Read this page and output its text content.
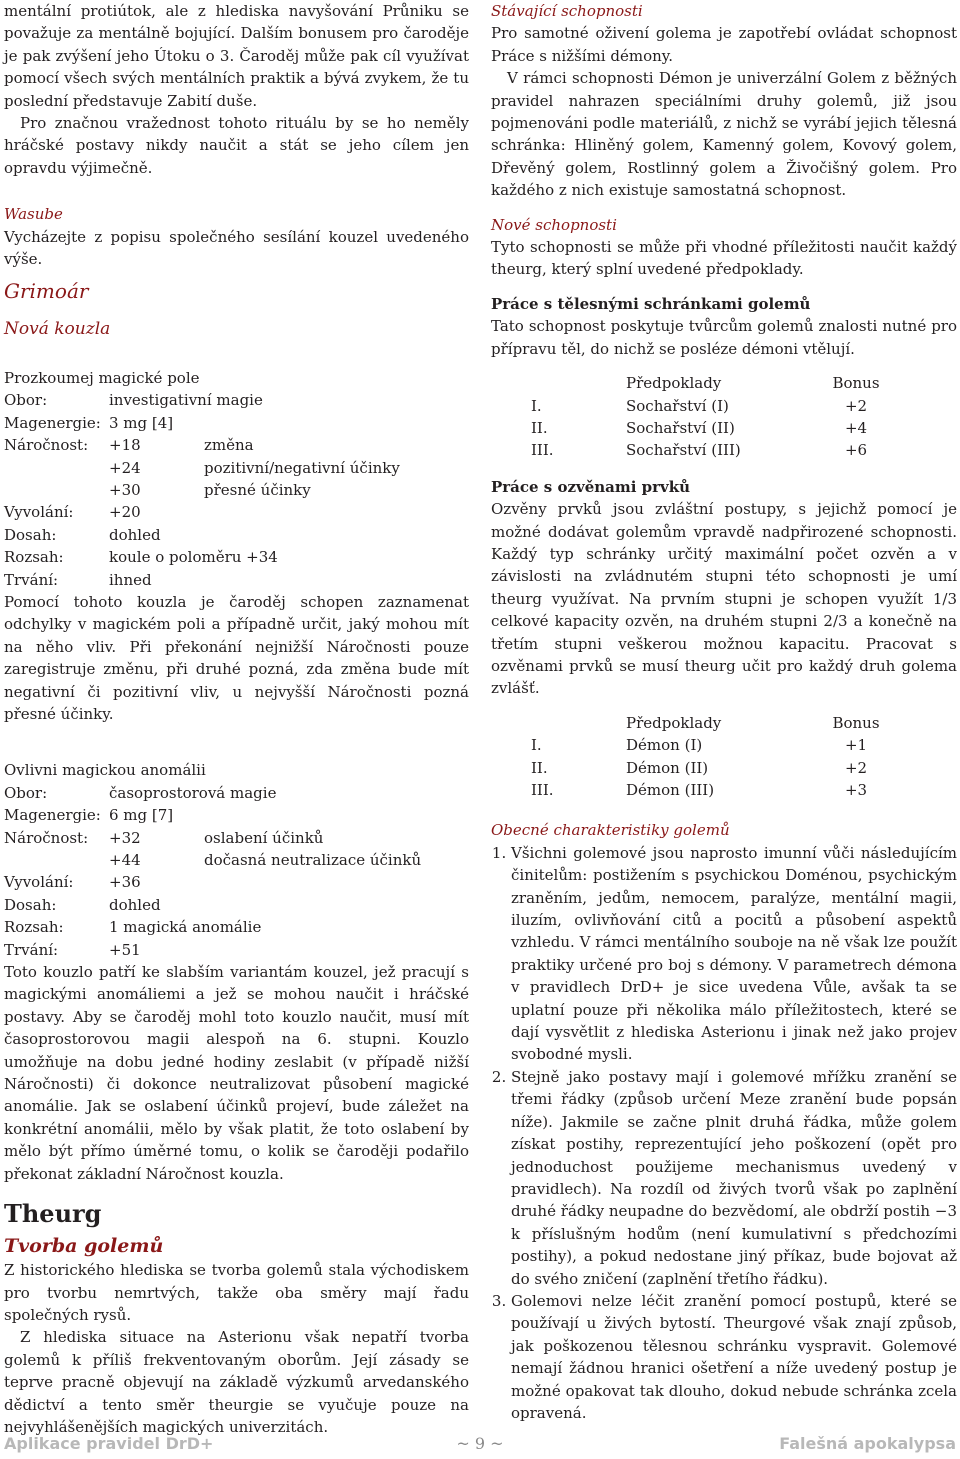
mentální protiútok, ale z hlediska navyšování Průniku se považuje za mentálně bojující. Dalším bonusem pro čaroděje je pak zvýšení jeho Útoku o 3. Čaroděj může pak cíl využívat pomocí všech svých mentálních praktik a bývá zvykem, že tu poslední představuje Zabití duše.

Pro značnou vražednost tohoto rituálu by se ho neměly hráčské postavy nikdy naučit a stát se jeho cílem jen opravdu výjimečně.

Wasube

Vycházejte z popisu společného sesílání kouzel uvedeného výše.

Grimoár
Nová kouzla
Prozkoumej magické pole
Obor:	investigativní magie
Magenergie: 3 mg [4]
Náročnost:	+18	změna
+24	pozitivní/negativní účinky
+30	přesné účinky
Vyvolání:	+20
Dosah:	dohled
Rozsah:	koule o poloměru +34
Trvání:	ihned

Pomocí tohoto kouzla je čaroděj schopen zaznamenat odchylky v magickém poli a případně určit, jaký mohou mít na něho vliv. Při překonání nejnižší Náročnosti pouze zaregistruje změnu, při druhé pozná, zda změna bude mít negativní či pozitivní vliv, u nejvyšší Náročnosti pozná přesné účinky.

Ovlivni magickou anomálii
Obor:	časoprostorová magie
Magenergie: 6 mg [7]
Náročnost:	+32	oslabení účinků
+44	dočasná neutralizace účinků
Vyvolání:	+36
Dosah:	dohled
Rozsah:	1 magická anomálie
Trvání:	+51

Toto kouzlo patří ke slabším variantám kouzel, jež pracují s magickými anomáliemi a jež se mohou naučit i hráčské postavy. Aby se čaroděj mohl toto kouzlo naučit, musí mít časoprostorovou magii alespoň na 6. stupni. Kouzlo umožňuje na dobu jedné hodiny zeslabit (v případě nižší Náročnosti) či dokonce neutralizovat působení magické anomálie. Jak se oslabení účinků projeví, bude záležet na konkrétní anomálii, mělo by však platit, že toto oslabení by mělo být přímo úměrné tomu, o kolik se čaroději podařilo překonat základní Náročnost kouzla.

Theurg
Tvorba golemů

Z historického hlediska se tvorba golemů stala východiskem pro tvorbu nemrtvých, takže oba směry mají řadu společných rysů.

Z hlediska situace na Asterionu však nepatří tvorba golemů k příliš frekventovaným oborům. Její zásady se teprve pracně objevují na základě výzkumů arvedanského dědictví a tento směr theurgie se vyučuje pouze na nejvyhlášenějších magických univerzitách.

Stávající schopnosti

Pro samotné oživení golema je zapotřebí ovládat schopnost Práce s nižšími démony.

V rámci schopnosti Démon je univerzální Golem z běžných pravidel nahrazen speciálními druhy golemů, již jsou pojmenováni podle materiálů, z nichž se vyrábí jejich tělesná schránka: Hliněný golem, Kamenný golem, Kovový golem, Dřevěný golem, Rostlinný golem a Živočišný golem. Pro každého z nich existuje samostatná schopnost.

Nové schopnosti

Tyto schopnosti se může při vhodné příležitosti naučit každý theurg, který splní uvedené předpoklady.

Práce s tělesnými schránkami golemů

Tato schopnost poskytuje tvůrcům golemů znalosti nutné pro přípravu těl, do nichž se posléze démoni vtělují.

	Předpoklady	Bonus
I.	Sochařství (I)	+2
II.	Sochařství (II)	+4
III.	Sochařství (III)	+6
Práce s ozvěnami prvků

Ozvěny prvků jsou zvláštní postupy, s jejichž pomocí je možné dodávat golemům vpravdě nadpřirozené schopnosti. Každý typ schránky určitý maximální počet ozvěn a v závislosti na zvládnutém stupni této schopnosti je umí theurg využívat. Na prvním stupni je schopen využít 1/3 celkové kapacity ozvěn, na druhém stupni 2/3 a konečně na třetím stupni veškerou možnou kapacitu. Pracovat s ozvěnami prvků se musí theurg učit pro každý druh golema zvlášť.

	Předpoklady	Bonus
I.	Démon (I)	+1
II.	Démon (II)	+2
III.	Démon (III)	+3
Obecné charakteristiky golemů
1. Všichni golemové jsou naprosto imunní vůči následujícím činitelům: postižením s psychickou Doménou, psychickým zraněním, jedům, nemocem, paralýze, mentální magii, iluzím, ovlivňování citů a pocitů a působení aspektů vzhledu. V rámci mentálního souboje na ně však lze použít praktiky určené pro boj s démony. V parametrech démona v pravidlech DrD+ je sice uvedena Vůle, avšak ta se uplatní pouze při několika málo příležitostech, které se dají vysvětlit z hlediska Asterionu i jinak než jako projev svobodné mysli.
2. Stejně jako postavy mají i golemové mřížku zranění se třemi řádky (způsob určení Meze zranění bude popsán níže). Jakmile se začne plnit druhá řádka, může golem získat postihy, reprezentující jeho poškození (opět pro jednoduchost použijeme mechanismus uvedený v pravidlech). Na rozdíl od živých tvorů však po zaplnění druhé řádky neupadne do bezvědomí, ale obdrží postih −3 k příslušným hodům (není kumulativní s předchozími postihy), a pokud nedostane jiný příkaz, bude bojovat až do svého zničení (zaplnění třetího řádku).
3. Golemovi nelze léčit zranění pomocí postupů, které se používají u živých bytostí. Theurgové však znají způsob, jak poškozenou tělesnou schránku vyspravit. Golemové nemají žádnou hranici ošetření a níže uvedený postup je možné opakovat tak dlouho, dokud nebude schránka zcela opravená.
Aplikace pravidel DrD+	~ 9 ~	Falešná apokalypsa
